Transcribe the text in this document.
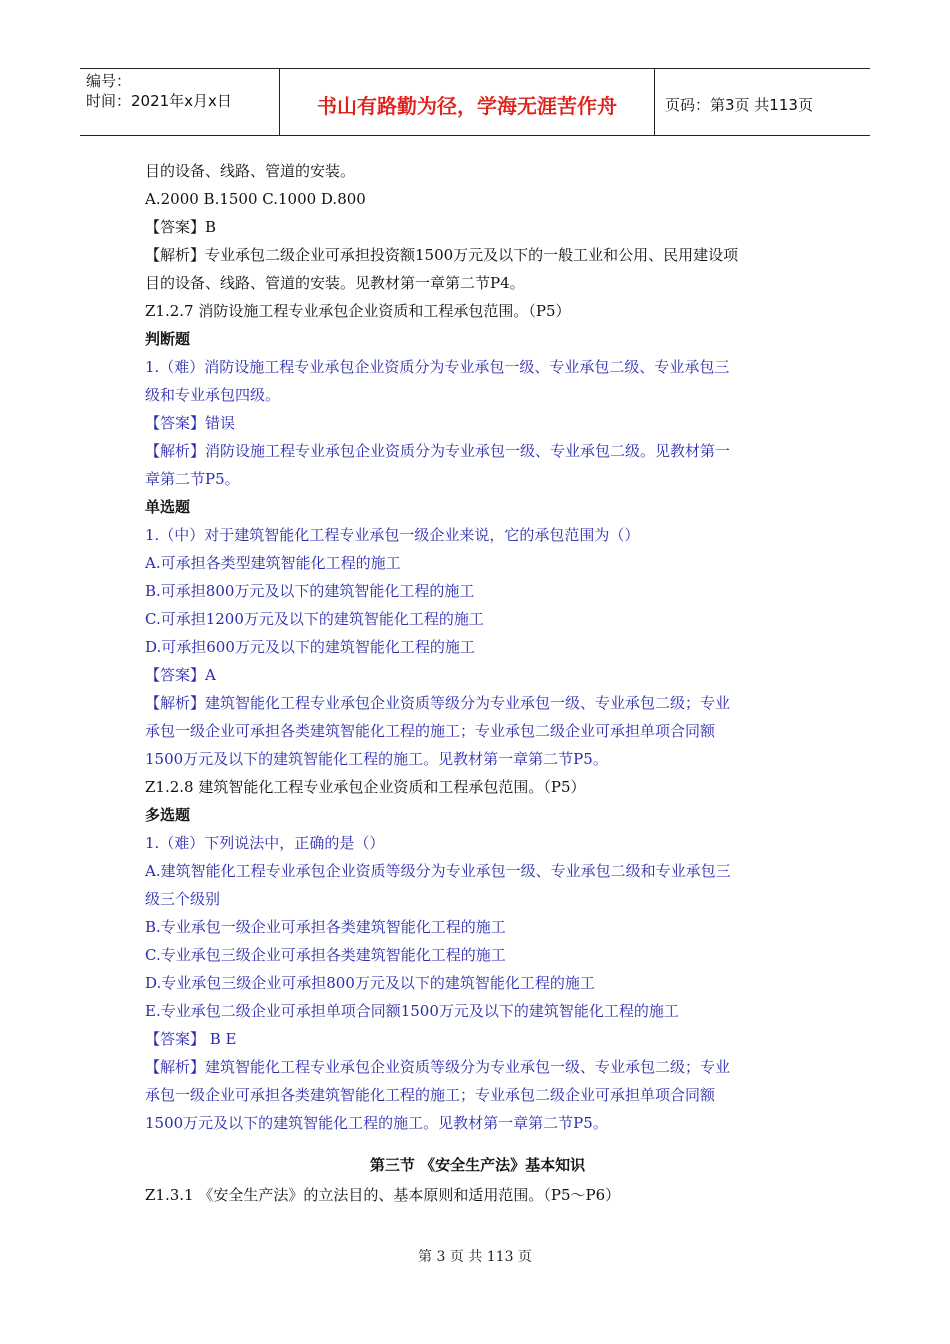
编号：
时间：2021年x月x日	书山有路勤为径，学海无涯苦作舟	页码：第3页 共113页
目的设备、线路、管道的安装。
A.2000 B.1500 C.1000 D.800
【答案】B
【解析】专业承包二级企业可承担投资额1500万元及以下的一般工业和公用、民用建设项
目的设备、线路、管道的安装。见教材第一章第二节P4。
Z1.2.7 消防设施工程专业承包企业资质和工程承包范围。（P5）
判断题
1.（难）消防设施工程专业承包企业资质分为专业承包一级、专业承包二级、专业承包三
级和专业承包四级。
【答案】错误
【解析】消防设施工程专业承包企业资质分为专业承包一级、专业承包二级。见教材第一
章第二节P5。
单选题
1.（中）对于建筑智能化工程专业承包一级企业来说，它的承包范围为（）
A.可承担各类型建筑智能化工程的施工
B.可承担800万元及以下的建筑智能化工程的施工
C.可承担1200万元及以下的建筑智能化工程的施工
D.可承担600万元及以下的建筑智能化工程的施工
【答案】A
【解析】建筑智能化工程专业承包企业资质等级分为专业承包一级、专业承包二级；专业
承包一级企业可承担各类建筑智能化工程的施工；专业承包二级企业可承担单项合同额
1500万元及以下的建筑智能化工程的施工。见教材第一章第二节P5。
Z1.2.8 建筑智能化工程专业承包企业资质和工程承包范围。（P5）
多选题
1.（难）下列说法中，正确的是（）
A.建筑智能化工程专业承包企业资质等级分为专业承包一级、专业承包二级和专业承包三
级三个级别
B.专业承包一级企业可承担各类建筑智能化工程的施工
C.专业承包三级企业可承担各类建筑智能化工程的施工
D.专业承包三级企业可承担800万元及以下的建筑智能化工程的施工
E.专业承包二级企业可承担单项合同额1500万元及以下的建筑智能化工程的施工
【答案】 B E
【解析】建筑智能化工程专业承包企业资质等级分为专业承包一级、专业承包二级；专业
承包一级企业可承担各类建筑智能化工程的施工；专业承包二级企业可承担单项合同额
1500万元及以下的建筑智能化工程的施工。见教材第一章第二节P5。
第三节 《安全生产法》基本知识
Z1.3.1 《安全生产法》的立法目的、基本原则和适用范围。（P5～P6）
第 3 页 共 113 页
